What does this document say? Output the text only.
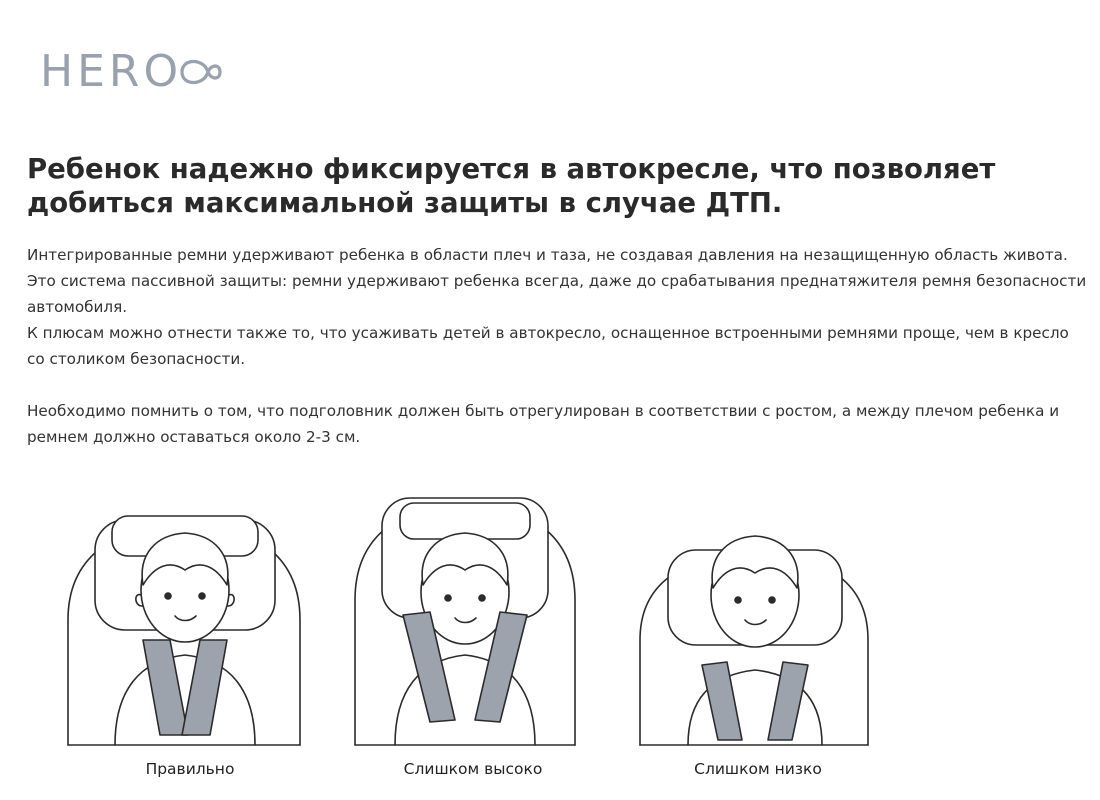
HERO
Ребенок надежно фиксируется в автокресле, что позволяет добиться максимальной защиты в случае ДТП.

Интегрированные ремни удерживают ребенка в области плеч и таза, не создавая давления на незащищенную область живота.

Это система пассивной защиты: ремни удерживают ребенка всегда, даже до срабатывания преднатяжителя ремня безопасности автомобиля.

К плюсам можно отнести также то, что усаживать детей в автокресло, оснащенное встроенными ремнями проще, чем в кресло со столиком безопасности.

Необходимо помнить о том, что подголовник должен быть отрегулирован в соответствии с ростом, а между плечом ребенка и ремнем должно оставаться около 2-3 см.

Правильно	Слишком высоко	Слишком низко
